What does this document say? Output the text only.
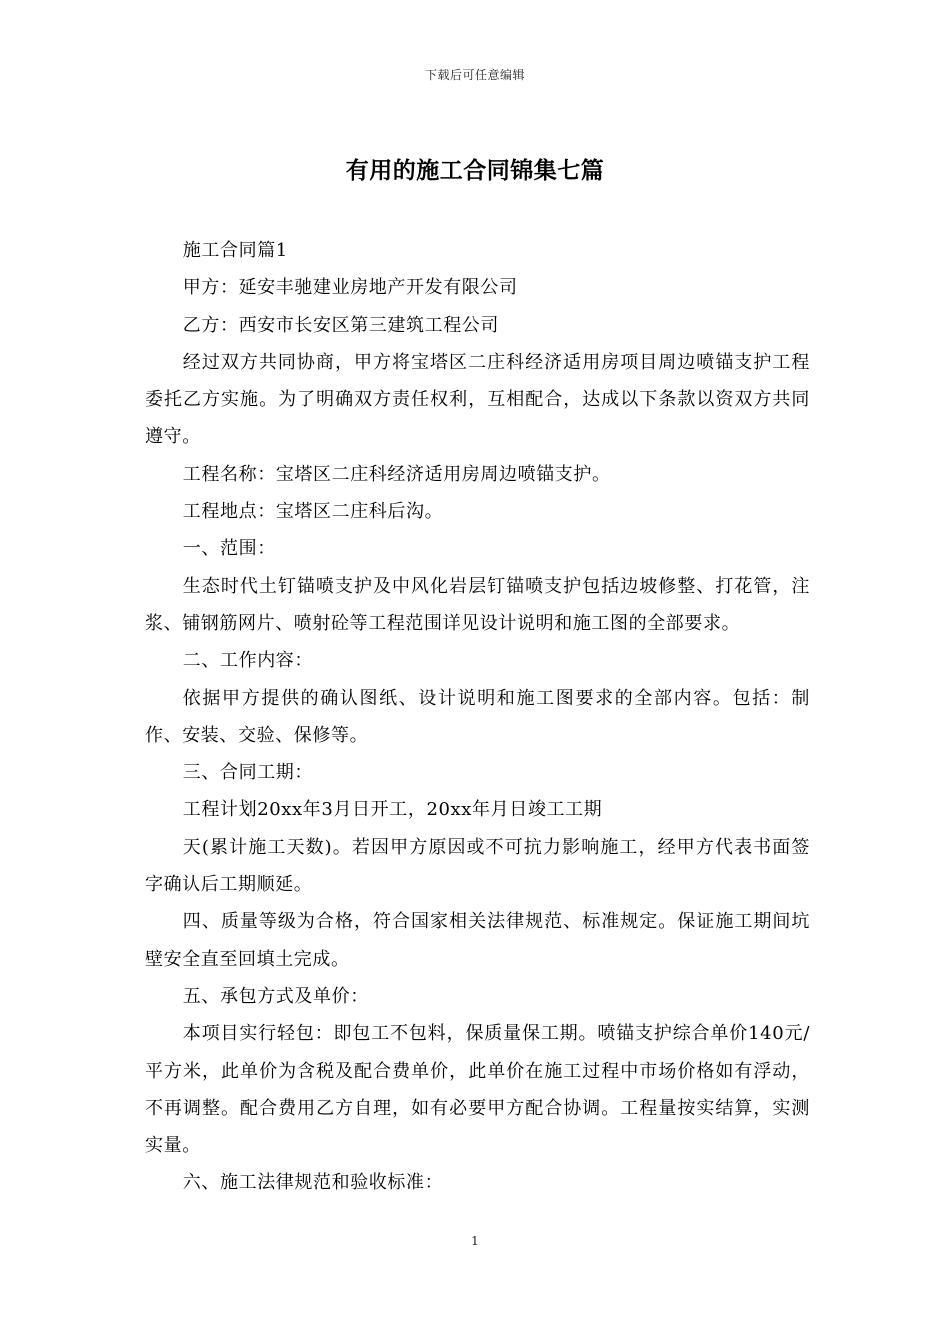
下载后可任意编辑
有用的施工合同锦集七篇

施工合同篇1

甲方：延安丰驰建业房地产开发有限公司

乙方：西安市长安区第三建筑工程公司

经过双方共同协商，甲方将宝塔区二庄科经济适用房项目周边喷锚支护工程委托乙方实施。为了明确双方责任权利，互相配合，达成以下条款以资双方共同遵守。

工程名称：宝塔区二庄科经济适用房周边喷锚支护。

工程地点：宝塔区二庄科后沟。

一、范围：

生态时代土钉锚喷支护及中风化岩层钉锚喷支护包括边坡修整、打花管，注浆、铺钢筋网片、喷射砼等工程范围详见设计说明和施工图的全部要求。

二、工作内容：

依据甲方提供的确认图纸、设计说明和施工图要求的全部内容。包括：制作、安装、交验、保修等。

三、合同工期：

工程计划20xx年3月日开工，20xx年月日竣工工期

天(累计施工天数)。若因甲方原因或不可抗力影响施工，经甲方代表书面签字确认后工期顺延。

四、质量等级为合格，符合国家相关法律规范、标准规定。保证施工期间坑壁安全直至回填土完成。

五、承包方式及单价：

本项目实行轻包：即包工不包料，保质量保工期。喷锚支护综合单价140元/平方米，此单价为含税及配合费单价，此单价在施工过程中市场价格如有浮动，不再调整。配合费用乙方自理，如有必要甲方配合协调。工程量按实结算，实测实量。

六、施工法律规范和验收标准：

1
